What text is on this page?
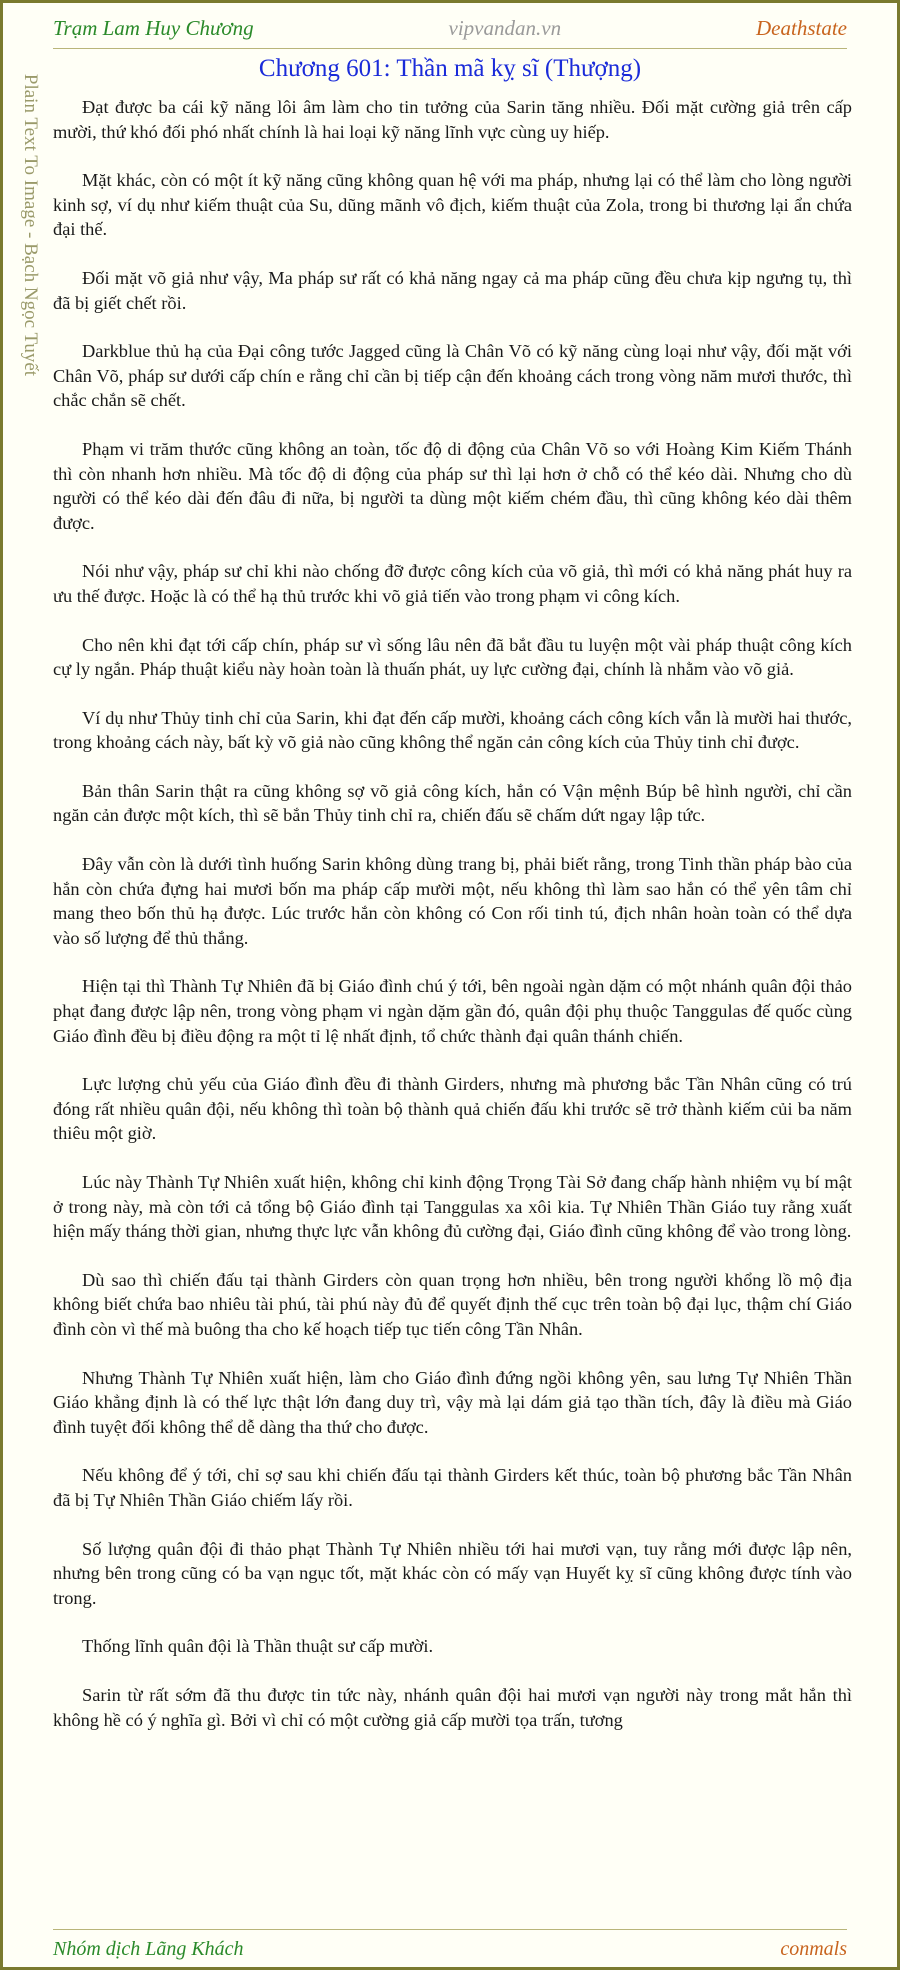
Trạm Lam Huy Chương	vipvandan.vn	Deathstate
Plain Text To Image - Bạch Ngọc Tuyết
Chương 601: Thần mã kỵ sĩ (Thượng)

Đạt được ba cái kỹ năng lôi âm làm cho tin tưởng của Sarin tăng nhiều. Đối mặt cường giả trên cấp mười, thứ khó đối phó nhất chính là hai loại kỹ năng lĩnh vực cùng uy hiếp.

Mặt khác, còn có một ít kỹ năng cũng không quan hệ với ma pháp, nhưng lại có thể làm cho lòng người kinh sợ, ví dụ như kiếm thuật của Su, dũng mãnh vô địch, kiếm thuật của Zola, trong bi thương lại ẩn chứa đại thế.

Đối mặt võ giả như vậy, Ma pháp sư rất có khả năng ngay cả ma pháp cũng đều chưa kịp ngưng tụ, thì đã bị giết chết rồi.

Darkblue thủ hạ của Đại công tước Jagged cũng là Chân Võ có kỹ năng cùng loại như vậy, đối mặt với Chân Võ, pháp sư dưới cấp chín e rằng chỉ cần bị tiếp cận đến khoảng cách trong vòng năm mươi thước, thì chắc chắn sẽ chết.

Phạm vi trăm thước cũng không an toàn, tốc độ di động của Chân Võ so với Hoàng Kim Kiếm Thánh thì còn nhanh hơn nhiều. Mà tốc độ di động của pháp sư thì lại hơn ở chỗ có thể kéo dài. Nhưng cho dù người có thể kéo dài đến đâu đi nữa, bị người ta dùng một kiếm chém đầu, thì cũng không kéo dài thêm được.

Nói như vậy, pháp sư chỉ khi nào chống đỡ được công kích của võ giả, thì mới có khả năng phát huy ra ưu thế được. Hoặc là có thể hạ thủ trước khi võ giả tiến vào trong phạm vi công kích.

Cho nên khi đạt tới cấp chín, pháp sư vì sống lâu nên đã bắt đầu tu luyện một vài pháp thuật công kích cự ly ngắn. Pháp thuật kiểu này hoàn toàn là thuấn phát, uy lực cường đại, chính là nhằm vào võ giả.

Ví dụ như Thủy tinh chỉ của Sarin, khi đạt đến cấp mười, khoảng cách công kích vẫn là mười hai thước, trong khoảng cách này, bất kỳ võ giả nào cũng không thể ngăn cản công kích của Thủy tinh chỉ được.

Bản thân Sarin thật ra cũng không sợ võ giả công kích, hắn có Vận mệnh Búp bê hình người, chỉ cần ngăn cản được một kích, thì sẽ bắn Thủy tinh chỉ ra, chiến đấu sẽ chấm dứt ngay lập tức.

Đây vẫn còn là dưới tình huống Sarin không dùng trang bị, phải biết rằng, trong Tinh thần pháp bào của hắn còn chứa đựng hai mươi bốn ma pháp cấp mười một, nếu không thì làm sao hắn có thể yên tâm chỉ mang theo bốn thủ hạ được. Lúc trước hắn còn không có Con rối tinh tú, địch nhân hoàn toàn có thể dựa vào số lượng để thủ thắng.

Hiện tại thì Thành Tự Nhiên đã bị Giáo đình chú ý tới, bên ngoài ngàn dặm có một nhánh quân đội thảo phạt đang được lập nên, trong vòng phạm vi ngàn dặm gần đó, quân đội phụ thuộc Tanggulas đế quốc cùng Giáo đình đều bị điều động ra một tỉ lệ nhất định, tổ chức thành đại quân thánh chiến.

Lực lượng chủ yếu của Giáo đình đều đi thành Girders, nhưng mà phương bắc Tần Nhân cũng có trú đóng rất nhiều quân đội, nếu không thì toàn bộ thành quả chiến đấu khi trước sẽ trở thành kiếm củi ba năm thiêu một giờ.

Lúc này Thành Tự Nhiên xuất hiện, không chỉ kinh động Trọng Tài Sở đang chấp hành nhiệm vụ bí mật ở trong này, mà còn tới cả tổng bộ Giáo đình tại Tanggulas xa xôi kia. Tự Nhiên Thần Giáo tuy rằng xuất hiện mấy tháng thời gian, nhưng thực lực vẫn không đủ cường đại, Giáo đình cũng không để vào trong lòng.

Dù sao thì chiến đấu tại thành Girders còn quan trọng hơn nhiều, bên trong người khổng lồ mộ địa không biết chứa bao nhiêu tài phú, tài phú này đủ để quyết định thế cục trên toàn bộ đại lục, thậm chí Giáo đình còn vì thế mà buông tha cho kế hoạch tiếp tục tiến công Tần Nhân.

Nhưng Thành Tự Nhiên xuất hiện, làm cho Giáo đình đứng ngồi không yên, sau lưng Tự Nhiên Thần Giáo khẳng định là có thế lực thật lớn đang duy trì, vậy mà lại dám giả tạo thần tích, đây là điều mà Giáo đình tuyệt đối không thể dễ dàng tha thứ cho được.

Nếu không để ý tới, chỉ sợ sau khi chiến đấu tại thành Girders kết thúc, toàn bộ phương bắc Tần Nhân đã bị Tự Nhiên Thần Giáo chiếm lấy rồi.

Số lượng quân đội đi thảo phạt Thành Tự Nhiên nhiều tới hai mươi vạn, tuy rằng mới được lập nên, nhưng bên trong cũng có ba vạn ngục tốt, mặt khác còn có mấy vạn Huyết kỵ sĩ cũng không được tính vào trong.

Thống lĩnh quân đội là Thần thuật sư cấp mười.

Sarin từ rất sớm đã thu được tin tức này, nhánh quân đội hai mươi vạn người này trong mắt hắn thì không hề có ý nghĩa gì. Bởi vì chỉ có một cường giả cấp mười tọa trấn, tương

Nhóm dịch Lãng Khách	conmals
